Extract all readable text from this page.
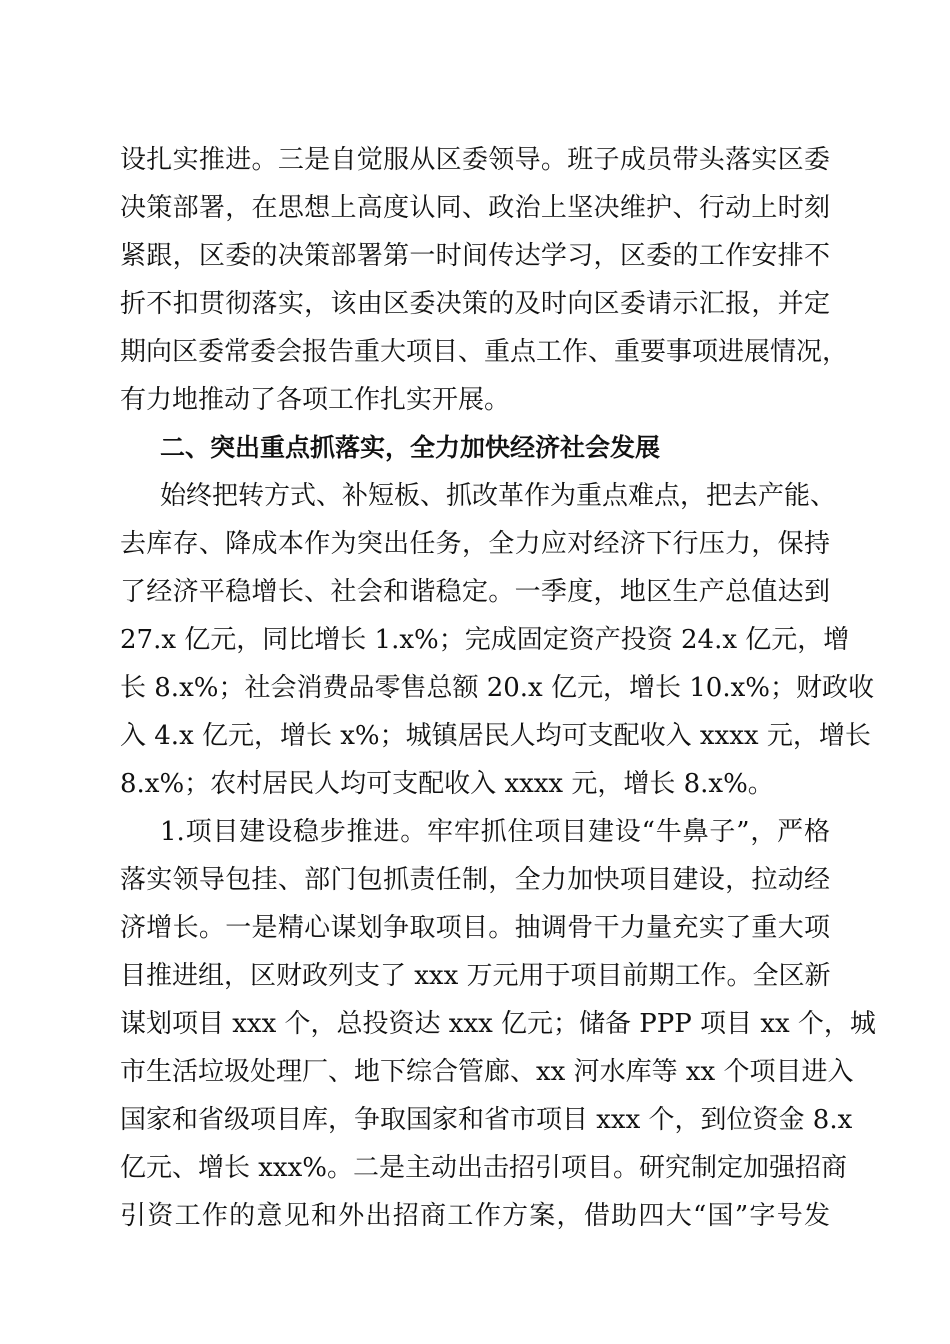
设扎实推进。三是自觉服从区委领导。班子成员带头落实区委
决策部署，在思想上高度认同、政治上坚决维护、行动上时刻
紧跟，区委的决策部署第一时间传达学习，区委的工作安排不
折不扣贯彻落实，该由区委决策的及时向区委请示汇报，并定
期向区委常委会报告重大项目、重点工作、重要事项进展情况，
有力地推动了各项工作扎实开展。
二、突出重点抓落实，全力加快经济社会发展
始终把转方式、补短板、抓改革作为重点难点，把去产能、
去库存、降成本作为突出任务，全力应对经济下行压力，保持
了经济平稳增长、社会和谐稳定。一季度，地区生产总值达到
27.x 亿元，同比增长 1.x%；完成固定资产投资 24.x 亿元，增
长 8.x%；社会消费品零售总额 20.x 亿元，增长 10.x%；财政收
入 4.x 亿元，增长 x%；城镇居民人均可支配收入 xxxx 元，增长
8.x%；农村居民人均可支配收入 xxxx 元，增长 8.x%。
1.项目建设稳步推进。牢牢抓住项目建设“牛鼻子”，严格
落实领导包挂、部门包抓责任制，全力加快项目建设，拉动经
济增长。一是精心谋划争取项目。抽调骨干力量充实了重大项
目推进组，区财政列支了 xxx 万元用于项目前期工作。全区新
谋划项目 xxx 个，总投资达 xxx 亿元；储备 PPP 项目 xx 个，城
市生活垃圾处理厂、地下综合管廊、xx 河水库等 xx 个项目进入
国家和省级项目库，争取国家和省市项目 xxx 个，到位资金 8.x
亿元、增长 xxx%。二是主动出击招引项目。研究制定加强招商
引资工作的意见和外出招商工作方案，借助四大“国”字号发
